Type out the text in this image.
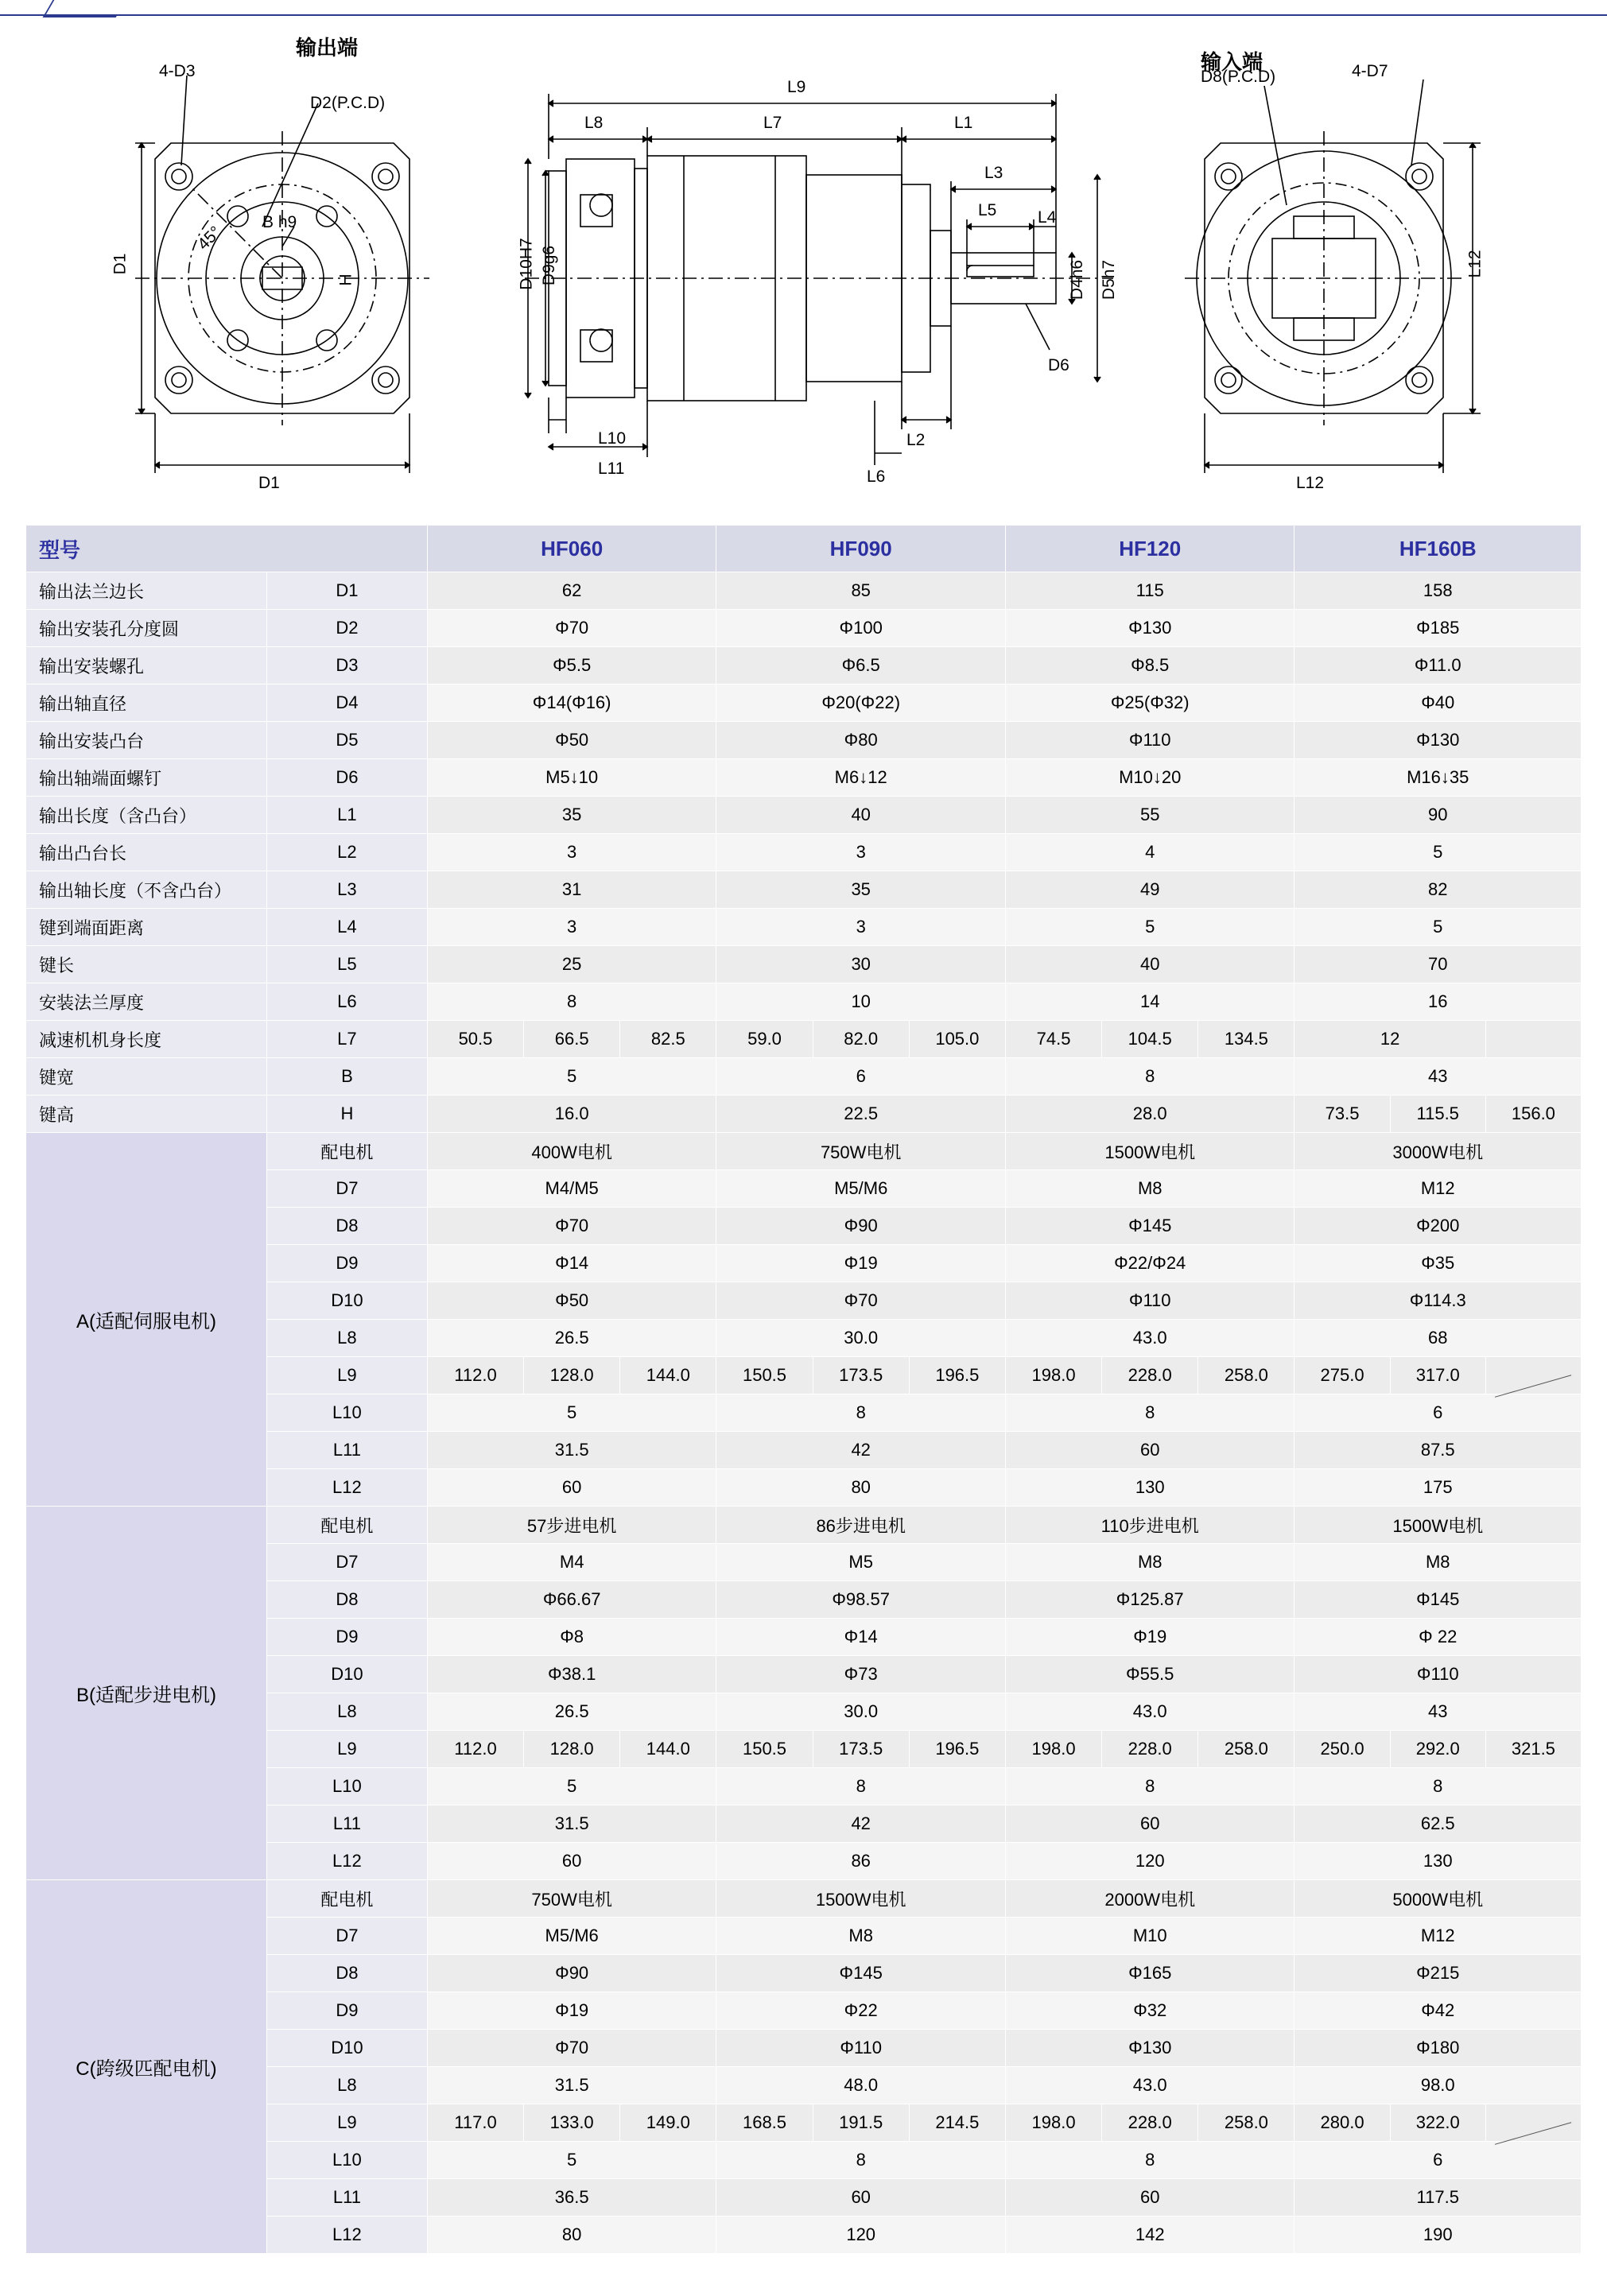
输出端
输入端
4-D3
D2(P.C.D)
45°
B h9
D1
D1
H
L9
L8	L7	L1
L3
L5 L4
D10H7 D9g6	D4h6 D5h7
D6
L10
L11
L2
L6
D8(P.C.D)	4-D7
L12
L12
型号		HF060			HF090			HF120			HF160B		
输出法兰边长	D1	62			85			115			158		
输出安装孔分度圆	D2	Φ70			Φ100			Φ130			Φ185		
输出安装螺孔	D3	Φ5.5			Φ6.5			Φ8.5			Φ11.0		
输出轴直径	D4	Φ14(Φ16)			Φ20(Φ22)			Φ25(Φ32)			Φ40		
输出安装凸台	D5	Φ50			Φ80			Φ110			Φ130		
输出轴端面螺钉	D6	M5↓10			M6↓12			M10↓20			M16↓35		
输出长度（含凸台）	L1	35			40			55			90		
输出凸台长	L2	3			3			4			5		
输出轴长度（不含凸台）	L3	31			35			49			82		
键到端面距离	L4	3			3			5			5		
键长	L5	25			30			40			70		
安装法兰厚度	L6	8			10			14			16		
减速机机身长度	L7	50.5	66.5	82.5	59.0	82.0	105.0	74.5	104.5	134.5	12		
键宽	B	5			6			8			43		
键高	H	16.0			22.5			28.0			73.5	115.5	156.0
A(适配伺服电机)	配电机	400W电机			750W电机			1500W电机			3000W电机		
	D7	M4/M5			M5/M6			M8			M12		
	D8	Φ70			Φ90			Φ145			Φ200		
	D9	Φ14			Φ19			Φ22/Φ24			Φ35		
	D10	Φ50			Φ70			Φ110			Φ114.3		
	L8	26.5			30.0			43.0			68		
	L9	112.0	128.0	144.0	150.5	173.5	196.5	198.0	228.0	258.0	275.0	317.0	
	L10	5			8			8			6		
	L11	31.5			42			60			87.5		
	L12	60			80			130			175		
B(适配步进电机)	配电机	57步进电机			86步进电机			110步进电机			1500W电机		
	D7	M4			M5			M8			M8		
	D8	Φ66.67			Φ98.57			Φ125.87			Φ145		
	D9	Φ8			Φ14			Φ19			Φ 22		
	D10	Φ38.1			Φ73			Φ55.5			Φ110		
	L8	26.5			30.0			43.0			43		
	L9	112.0	128.0	144.0	150.5	173.5	196.5	198.0	228.0	258.0	250.0	292.0	321.5
	L10	5			8			8			8		
	L11	31.5			42			60			62.5		
	L12	60			86			120			130		
C(跨级匹配电机)	配电机	750W电机			1500W电机			2000W电机			5000W电机		
	D7	M5/M6			M8			M10			M12		
	D8	Φ90			Φ145			Φ165			Φ215		
	D9	Φ19			Φ22			Φ32			Φ42		
	D10	Φ70			Φ110			Φ130			Φ180		
	L8	31.5			48.0			43.0			98.0		
	L9	117.0	133.0	149.0	168.5	191.5	214.5	198.0	228.0	258.0	280.0	322.0	
	L10	5			8			8			6		
	L11	36.5			60			60			117.5		
	L12	80			120			142			190		
